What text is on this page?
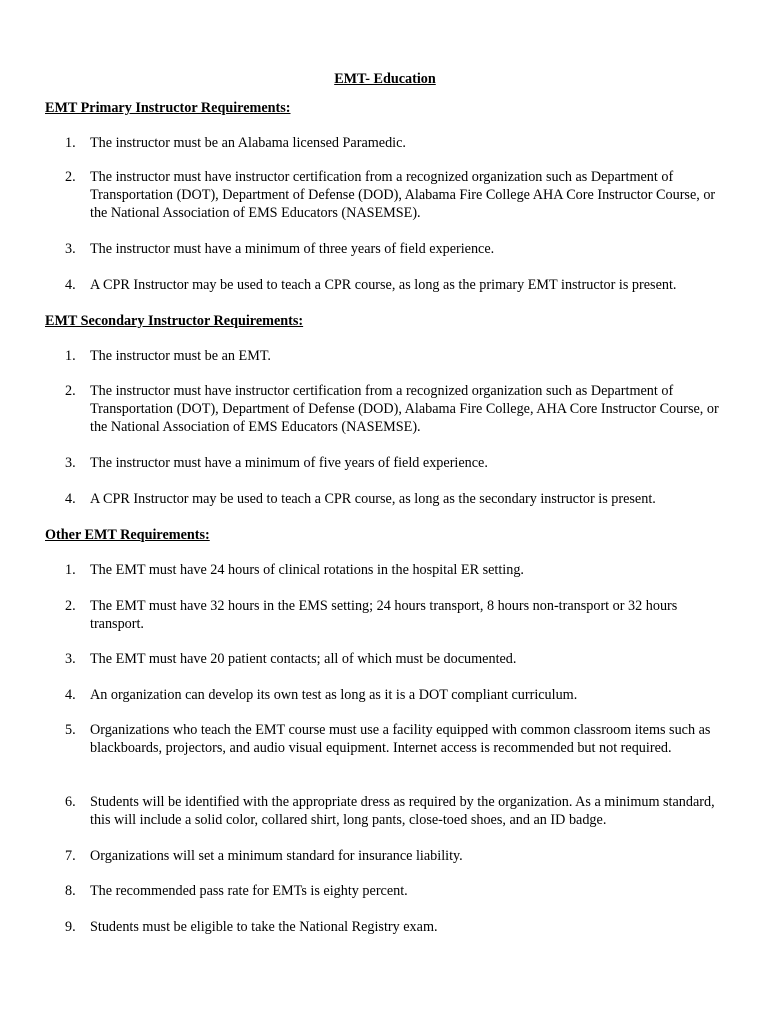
EMT- Education
EMT Primary Instructor Requirements:
1.	The instructor must be an Alabama licensed Paramedic.
2.	The instructor must have instructor certification from a recognized organization such as Department of Transportation (DOT), Department of Defense (DOD), Alabama Fire College AHA Core Instructor Course, or the National Association of EMS Educators (NASEMSE).
3.	The instructor must have a minimum of three years of field experience.
4.	A CPR Instructor may be used to teach a CPR course, as long as the primary EMT instructor is present.
EMT Secondary Instructor Requirements:
1.	The instructor must be an EMT.
2.	The instructor must have instructor certification from a recognized organization such as Department of Transportation (DOT), Department of Defense (DOD), Alabama Fire College, AHA Core Instructor Course, or the National Association of EMS Educators (NASEMSE).
3.	The instructor must have a minimum of five years of field experience.
4.	A CPR Instructor may be used to teach a CPR course, as long as the secondary instructor is present.
Other EMT Requirements:
1.	The EMT must have 24 hours of clinical rotations in the hospital ER setting.
2.	The EMT must have 32 hours in the EMS setting; 24 hours transport, 8 hours non-transport or 32 hours transport.
3.	The EMT must have 20 patient contacts; all of which must be documented.
4.	An organization can develop its own test as long as it is a DOT compliant curriculum.
5.	Organizations who teach the EMT course must use a facility equipped with common classroom items such as blackboards, projectors, and audio visual equipment. Internet access is recommended but not required.
6.	Students will be identified with the appropriate dress as required by the organization. As a minimum standard, this will include a solid color, collared shirt, long pants, close-toed shoes, and an ID badge.
7.	Organizations will set a minimum standard for insurance liability.
8.	The recommended pass rate for EMTs is eighty percent.
9.	Students must be eligible to take the National Registry exam.
